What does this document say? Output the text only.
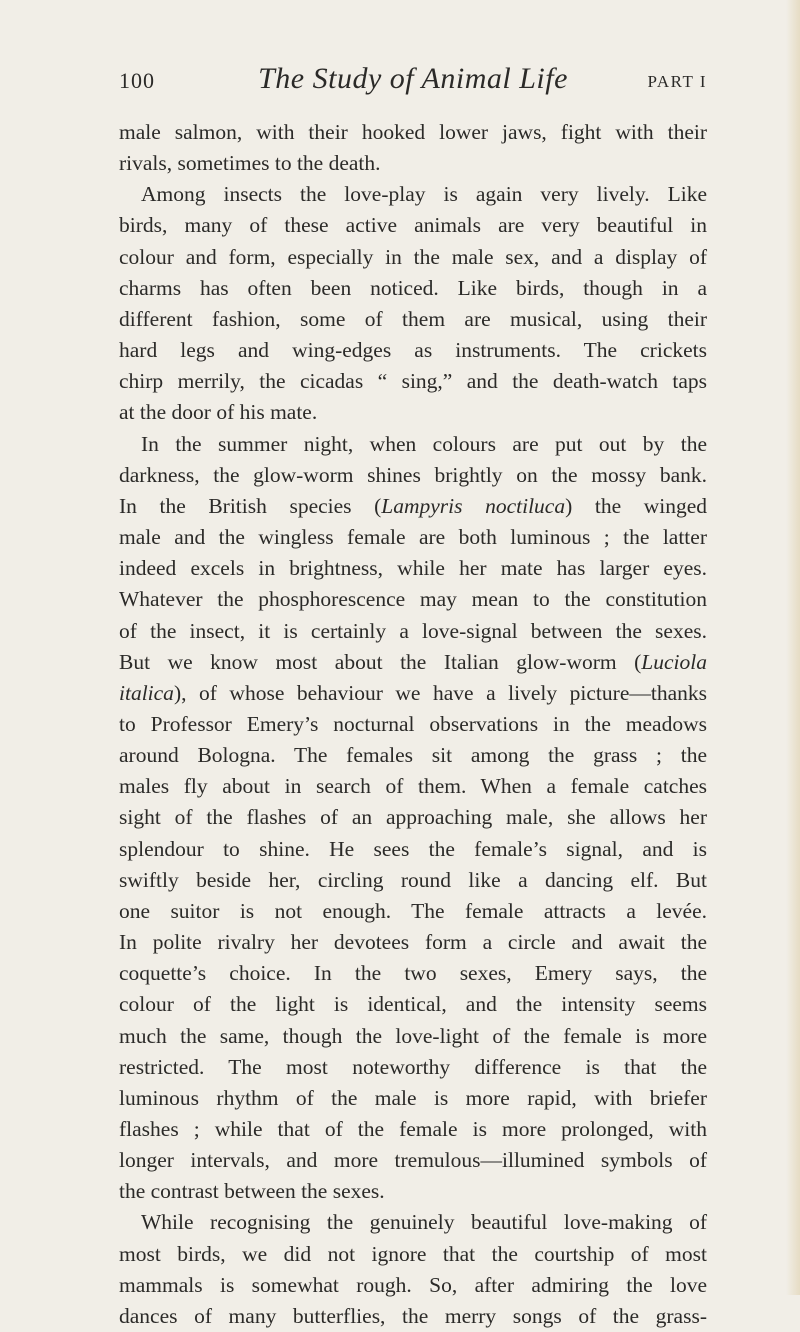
100	The Study of Animal Life	PART I

male salmon, with their hooked lower jaws, fight with their

rivals, sometimes to the death.

Among insects the love-play is again very lively. Like

birds, many of these active animals are very beautiful in

colour and form, especially in the male sex, and a display of

charms has often been noticed. Like birds, though in a

different fashion, some of them are musical, using their

hard legs and wing-edges as instruments. The crickets

chirp merrily, the cicadas “ sing,” and the death-watch taps

at the door of his mate.

In the summer night, when colours are put out by the

darkness, the glow-worm shines brightly on the mossy bank.

In the British species (Lampyris noctiluca) the winged

male and the wingless female are both luminous ; the latter

indeed excels in brightness, while her mate has larger eyes.

Whatever the phosphorescence may mean to the constitution

of the insect, it is certainly a love-signal between the sexes.

But we know most about the Italian glow-worm (Luciola

italica), of whose behaviour we have a lively picture—thanks

to Professor Emery’s nocturnal observations in the meadows

around Bologna. The females sit among the grass ; the

males fly about in search of them. When a female catches

sight of the flashes of an approaching male, she allows her

splendour to shine. He sees the female’s signal, and is

swiftly beside her, circling round like a dancing elf. But

one suitor is not enough. The female attracts a levée.

In polite rivalry her devotees form a circle and await the

coquette’s choice. In the two sexes, Emery says, the

colour of the light is identical, and the intensity seems

much the same, though the love-light of the female is more

restricted. The most noteworthy difference is that the

luminous rhythm of the male is more rapid, with briefer

flashes ; while that of the female is more prolonged, with

longer intervals, and more tremulous—illumined symbols of

the contrast between the sexes.

While recognising the genuinely beautiful love-making of

most birds, we did not ignore that the courtship of most

mammals is somewhat rough. So, after admiring the love

dances of many butterflies, the merry songs of the grass-
